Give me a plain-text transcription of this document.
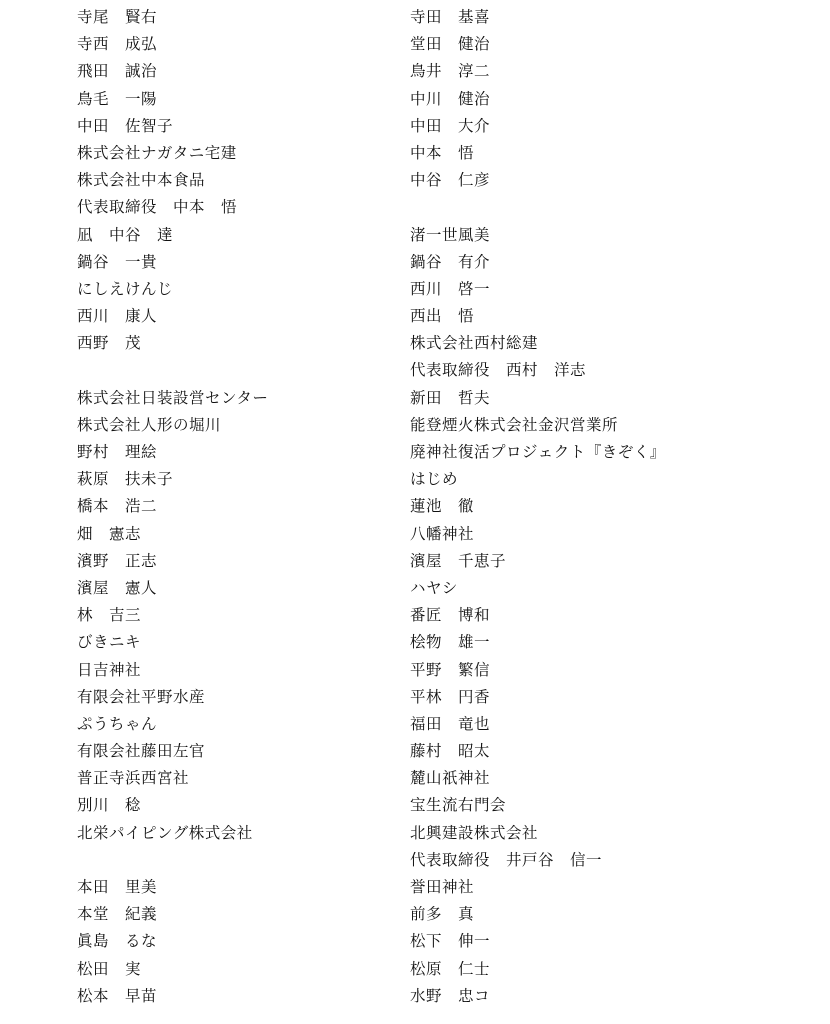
寺尾　賢右
寺西　成弘
飛田　誠治
鳥毛　一陽
中田　佐智子
株式会社ナガタニ宅建
株式会社中本食品
代表取締役　中本　悟
凪　中谷　達
鍋谷　一貴
にしえけんじ
西川　康人
西野　茂
株式会社日装設営センター
株式会社人形の堀川
野村　理絵
萩原　扶未子
橋本　浩二
畑　憲志
濱野　正志
濱屋　憲人
林　吉三
びきニキ
日吉神社
有限会社平野水産
ぷうちゃん
有限会社藤田左官
普正寺浜西宮社
別川　稔
北栄パイピング株式会社
本田　里美
本堂　紀義
眞島　るな
松田　実
松本　早苗
寺田　基喜
堂田　健治
鳥井　淳二
中川　健治
中田　大介
中本　悟
中谷　仁彦
渚一世風美
鍋谷　有介
西川　啓一
西出　悟
株式会社西村総建
代表取締役　西村　洋志
新田　哲夫
能登煙火株式会社金沢営業所
廃神社復活プロジェクト『きぞく』
はじめ
蓮池　徹
八幡神社
濱屋　千恵子
ハヤシ
番匠　博和
桧物　雄一
平野　繁信
平林　円香
福田　竜也
藤村　昭太
麓山祇神社
宝生流右門会
北興建設株式会社
代表取締役　井戸谷　信一
誉田神社
前多　真
松下　伸一
松原　仁士
水野　忠コ
